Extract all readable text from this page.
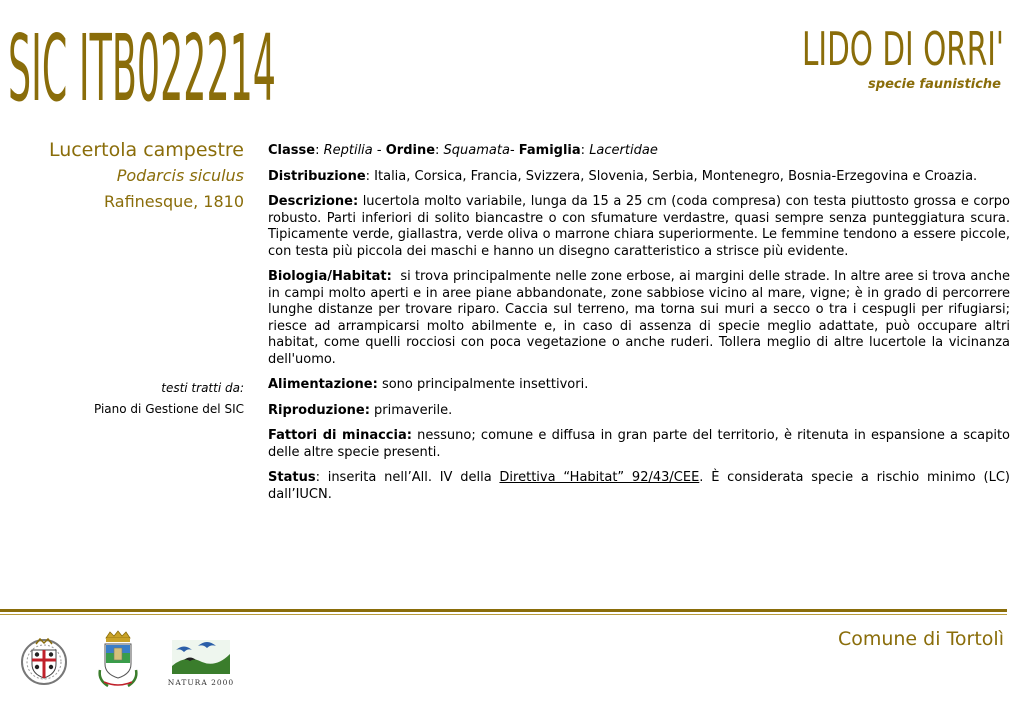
SIC ITB022214	LIDO DI ORRI'
specie faunistiche
Lucertola campestre
Podarcis siculus
Rafinesque, 1810
testi tratti da:
Piano di Gestione del SIC

Classe: Reptilia - Ordine: Squamata- Famiglia: Lacertidae

Distribuzione: Italia, Corsica, Francia, Svizzera, Slovenia, Serbia, Montenegro, Bosnia-Erzegovina e Croazia.

Descrizione: lucertola molto variabile, lunga da 15 a 25 cm (coda compresa) con testa piuttosto grossa e corpo robusto. Parti inferiori di solito biancastre o con sfumature verdastre, quasi sempre senza punteggiatura scura. Tipicamente verde, giallastra, verde oliva o marrone chiara superiormente. Le femmine tendono a essere piccole, con testa più piccola dei maschi e hanno un disegno caratteristico a strisce più evidente.

Biologia/Habitat: si trova principalmente nelle zone erbose, ai margini delle strade. In altre aree si trova anche in campi molto aperti e in aree piane abbandonate, zone sabbiose vicino al mare, vigne; è in grado di percorrere lunghe distanze per trovare riparo. Caccia sul terreno, ma torna sui muri a secco o tra i cespugli per rifugiarsi; riesce ad arrampicarsi molto abilmente e, in caso di assenza di specie meglio adattate, può occupare altri habitat, come quelli rocciosi con poca vegetazione o anche ruderi. Tollera meglio di altre lucertole la vicinanza dell'uomo.

Alimentazione: sono principalmente insettivori.

Riproduzione: primaverile.

Fattori di minaccia: nessuno; comune e diffusa in gran parte del territorio, è ritenuta in espansione a scapito delle altre specie presenti.

Status: inserita nell’All. IV della Direttiva “Habitat” 92/43/CEE. È considerata specie a rischio minimo (LC) dall’IUCN.

NATURA 2000
Comune di Tortolì
